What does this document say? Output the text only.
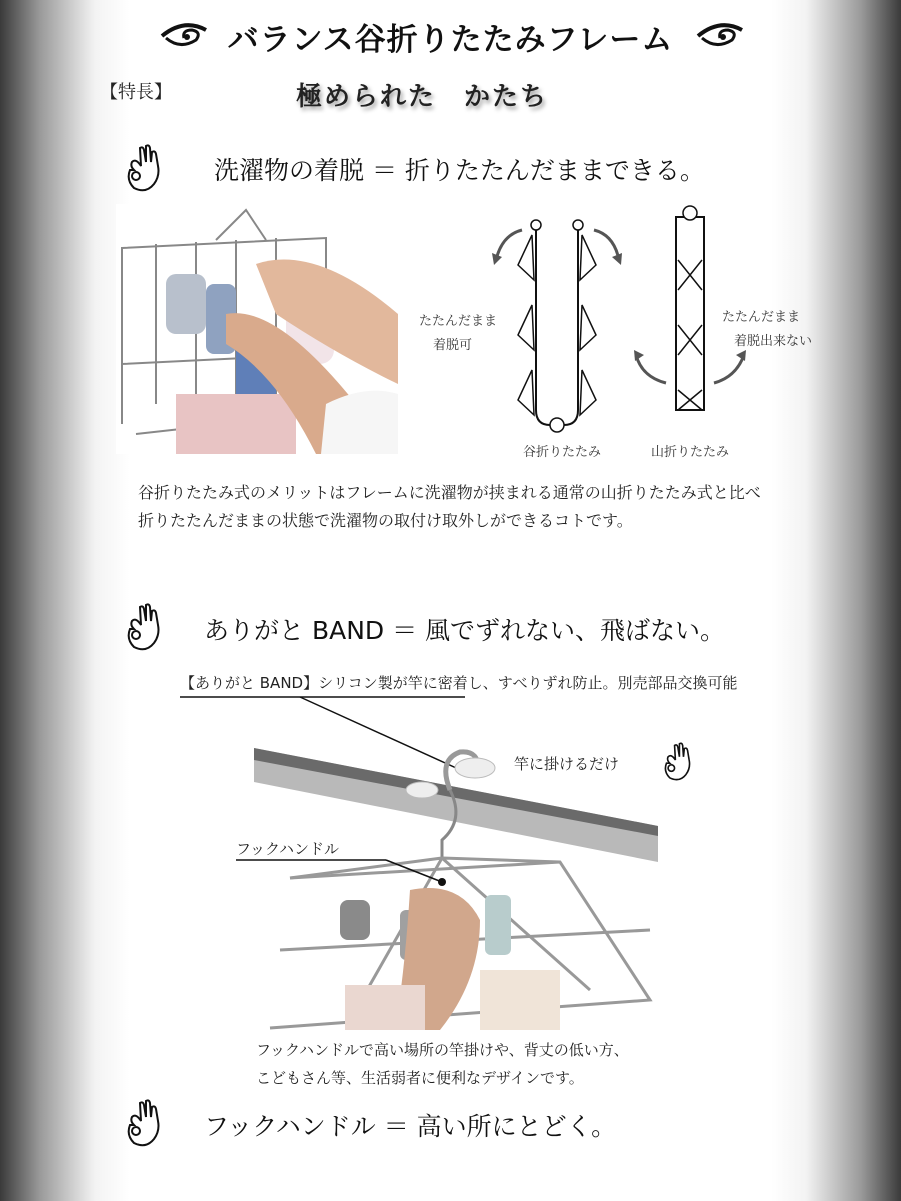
バランス谷折りたたみフレーム
【特長】	極められた　かたち
洗濯物の着脱 ＝ 折りたたんだままできる。
たたんだまま
着脱可
たたんだまま
着脱出来ない
谷折りたたみ	山折りたたみ
谷折りたたみ式のメリットはフレームに洗濯物が挟まれる通常の山折りたたみ式と比べ
折りたたんだままの状態で洗濯物の取付け取外しができるコトです。
ありがと BAND ＝ 風でずれない、飛ばない。
【ありがと BAND】シリコン製が竿に密着し、すべりずれ防止。別売部品交換可能
竿に掛けるだけ
フックハンドル
フックハンドルで高い場所の竿掛けや、背丈の低い方、
こどもさん等、生活弱者に便利なデザインです。
フックハンドル ＝ 高い所にとどく。
